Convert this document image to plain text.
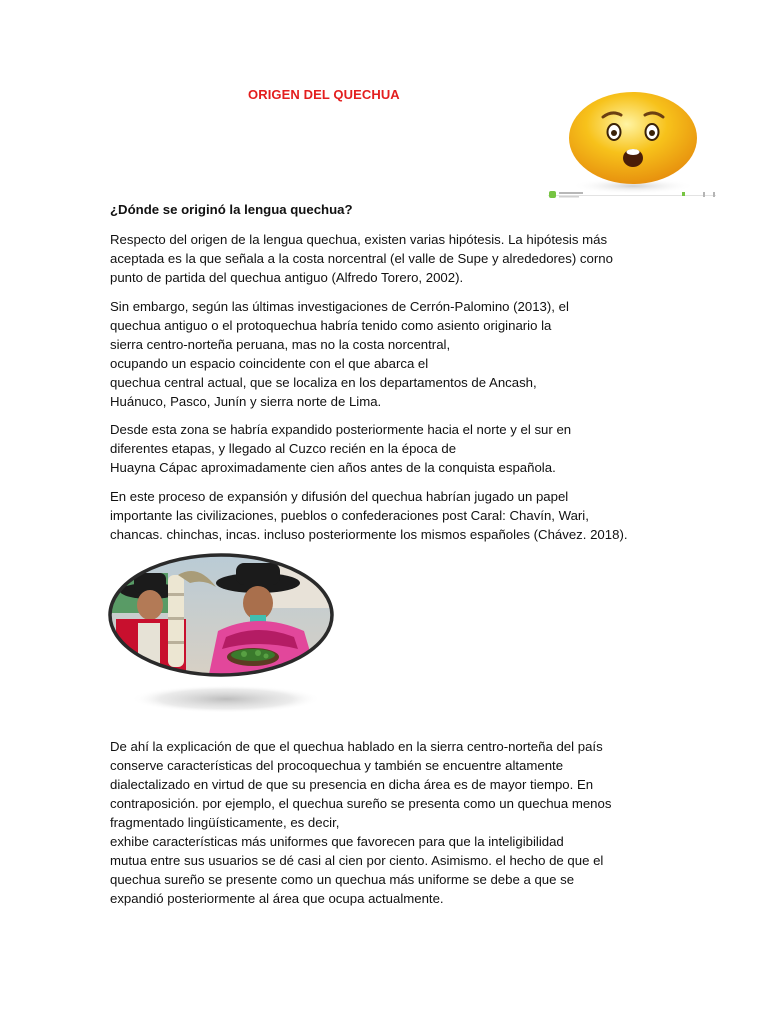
ORIGEN DEL QUECHUA
¿Dónde se originó la lengua quechua?

Respecto del origen de la lengua quechua, existen varias hipótesis. La hipótesis más
aceptada es la que señala a la costa norcentral (el valle de Supe y alrededores) corno
punto de partida del quechua antiguo (Alfredo Torero, 2002).

Sin embargo, según las últimas investigaciones de Cerrón-Palomino (2013), el
quechua antiguo o el protoquechua habría tenido como asiento originario la
sierra centro-norteña peruana, mas no la costa norcentral,
ocupando un espacio coincidente con el que abarca el
quechua central actual, que se localiza en los departamentos de Ancash,
Huánuco, Pasco, Junín y sierra norte de Lima.

Desde esta zona se habría expandido posteriormente hacia el norte y el sur en
diferentes etapas, y llegado al Cuzco recién en la época de
Huayna Cápac aproximadamente cien años antes de la conquista española.

En este proceso de expansión y difusión del quechua habrían jugado un papel
importante las civilizaciones, pueblos o confederaciones post Caral: Chavín, Wari,
chancas. chinchas, incas. incluso posteriormente los mismos españoles (Chávez. 2018).

De ahí la explicación de que el quechua hablado en la sierra centro-norteña del país
conserve características del procoquechua y también se encuentre altamente
dialectalizado en virtud de que su presencia en dicha área es de mayor tiempo. En
contraposición. por ejemplo, el quechua sureño se presenta como un quechua menos
fragmentado lingüísticamente, es decir,
exhibe características más uniformes que favorecen para que la inteligibilidad
mutua entre sus usuarios se dé casi al cien por ciento. Asimismo. el hecho de que el
quechua sureño se presente como un quechua más uniforme se debe a que se
expandió posteriormente al área que ocupa actualmente.
